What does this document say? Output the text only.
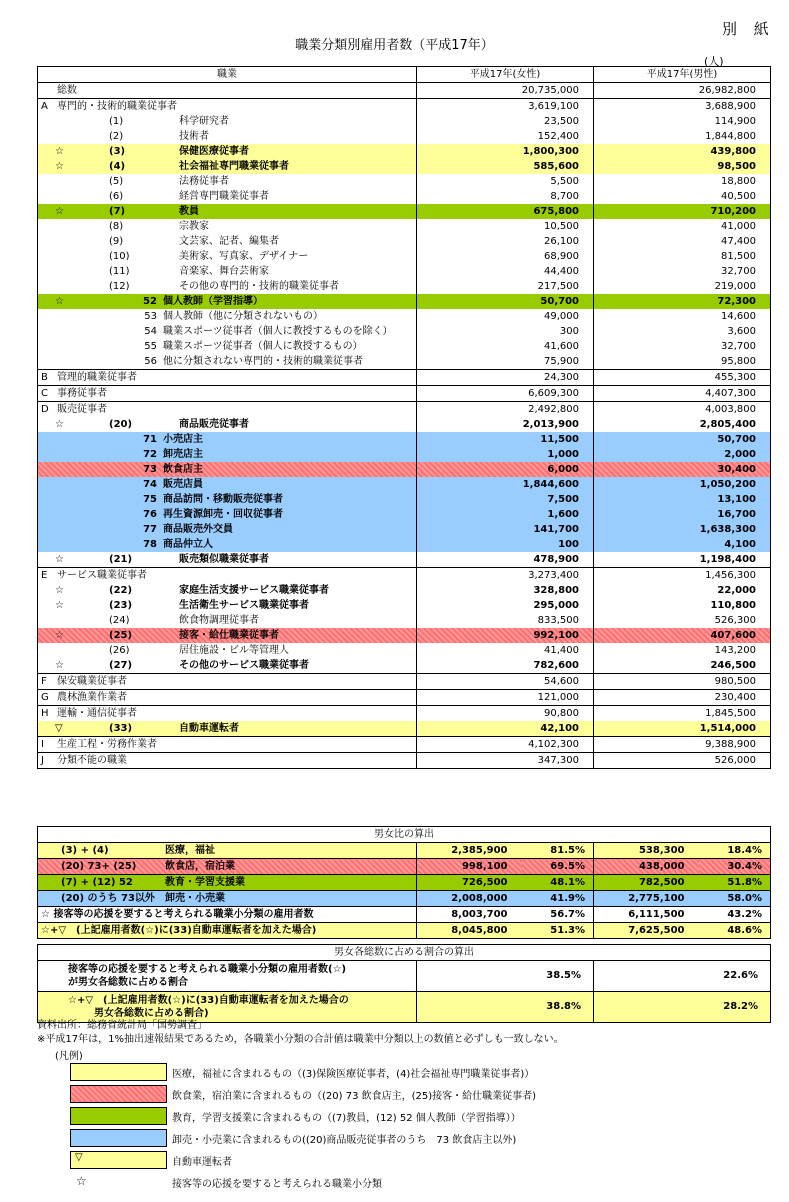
別 紙
職業分類別雇用者数（平成17年）
(人)
職業	平成17年(女性)	平成17年(男性)
総数	20,735,000	26,982,800
A 専門的・技術的職業従事者	3,619,100	3,688,900
(1) 科学研究者	23,500	114,900
(2) 技術者	152,400	1,844,800
☆ (3) 保健医療従事者	1,800,300	439,800
☆ (4) 社会福祉専門職業従事者	585,600	98,500
(5) 法務従事者	5,500	18,800
(6) 経営専門職業従事者	8,700	40,500
☆ (7) 教員	675,800	710,200
(8) 宗教家	10,500	41,000
(9) 文芸家、記者、編集者	26,100	47,400
(10) 美術家、写真家、デザイナー	68,900	81,500
(11) 音楽家、舞台芸術家	44,400	32,700
(12) その他の専門的・技術的職業従事者	217,500	219,000
☆ 52 個人教師（学習指導）	50,700	72,300
53 個人教師（他に分類されないもの）	49,000	14,600
54 職業スポーツ従事者（個人に教授するものを除く）	300	3,600
55 職業スポーツ従事者（個人に教授するもの）	41,600	32,700
56 他に分類されない専門的・技術的職業従事者	75,900	95,800
B 管理的職業従事者	24,300	455,300
C 事務従事者	6,609,300	4,407,300
D 販売従事者	2,492,800	4,003,800
☆ (20) 商品販売従事者	2,013,900	2,805,400
71 小売店主	11,500	50,700
72 卸売店主	1,000	2,000
73 飲食店主	6,000	30,400
74 販売店員	1,844,600	1,050,200
75 商品訪問・移動販売従事者	7,500	13,100
76 再生資源卸売・回収従事者	1,600	16,700
77 商品販売外交員	141,700	1,638,300
78 商品仲立人	100	4,100
☆ (21) 販売類似職業従事者	478,900	1,198,400
E サービス職業従事者	3,273,400	1,456,300
☆ (22) 家庭生活支援サービス職業従事者	328,800	22,000
☆ (23) 生活衛生サービス職業従事者	295,000	110,800
(24) 飲食物調理従事者	833,500	526,300
☆ (25) 接客・給仕職業従事者	992,100	407,600
(26) 居住施設・ビル等管理人	41,400	143,200
☆ (27) その他のサービス職業従事者	782,600	246,500
F 保安職業従事者	54,600	980,500
G 農林漁業作業者	121,000	230,400
H 運輸・通信従事者	90,800	1,845,500
▽ (33) 自動車運転者	42,100	1,514,000
I 生産工程・労務作業者	4,102,300	9,388,900
J 分類不能の職業	347,300	526,000
男女比の算出				
(3) + (4) 医療，福祉	2,385,900	81.5%	538,300	18.4%
(20) 73+ (25) 飲食店，宿泊業	998,100	69.5%	438,000	30.4%
(7) + (12) 52 教育・学習支援業	726,500	48.1%	782,500	51.8%
(20) のうち 73以外 卸売・小売業	2,008,000	41.9%	2,775,100	58.0%
☆ 接客等の応援を要すると考えられる職業小分類の雇用者数	8,003,700	56.7%	6,111,500	43.2%
☆+▽　(上記雇用者数(☆)に(33)自動車運転者を加えた場合)	8,045,800	51.3%	7,625,500	48.6%
男女各総数に占める割合の算出		

接客等の応援を要すると考えられる職業小分類の雇用者数(☆)
が男女各総数に占める割合	38.5%	22.6%

☆+▽　(上記雇用者数(☆)に(33)自動車運転者を加えた場合の
男女各総数に占める割合)	38.8%	28.2%
資料出所：総務省統計局「国勢調査」
※平成17年は，1%抽出速報結果であるため，各職業小分類の合計値は職業中分類以上の数値と必ずしも一致しない。
(凡例)
医療，福祉に含まれるもの（(3)保険医療従事者，(4)社会福祉専門職業従事者)）
飲食業，宿泊業に含まれるもの（(20) 73 飲食店主，(25)接客・給仕職業従事者)
教育，学習支援業に含まれるもの（(7)教員，(12) 52 個人教師（学習指導））
卸売・小売業に含まれるもの((20)商品販売従事者のうち　73 飲食店主以外)
▽	自動車運転者
☆	接客等の応援を要すると考えられる職業小分類
